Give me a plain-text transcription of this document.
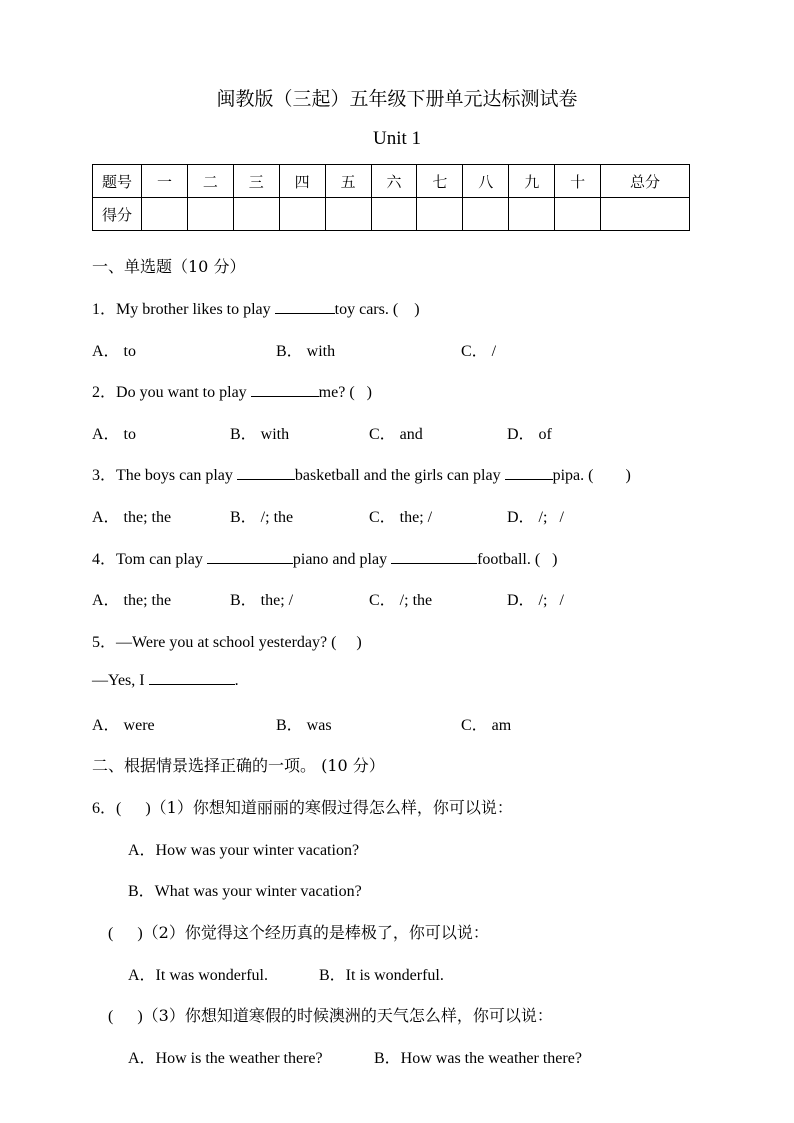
闽教版（三起）五年级下册单元达标测试卷
Unit 1
题号	一	二	三	四	五	六	七	八	九	十	总分
得分											
一、单选题（10 分）
1．My brother likes to play	toy cars. (    )
A． to	B． with	C． /
2．Do you want to play	me? (   )
A． to	B． with	C． and	D． of
3．The boys can play	basketball and the girls can play	pipa. (        )
A． the; the	B． /; the	C． the; /	D． /;   /
4．Tom can play	piano and play	football. (   )
A． the; the	B． the; /	C． /; the	D． /;   /
5．—Were you at school yesterday? (     )
—Yes, I	.
A． were	B． was	C． am
二、根据情景选择正确的一项。 (10 分）
6．(      )（1）你想知道丽丽的寒假过得怎么样，你可以说：
A．How was your winter vacation?
B．What was your winter vacation?
(      )（2）你觉得这个经历真的是棒极了，你可以说：
A．It was wonderful.	B．It is wonderful.
(      )（3）你想知道寒假的时候澳洲的天气怎么样，你可以说：
A．How is the weather there?	B．How was the weather there?
